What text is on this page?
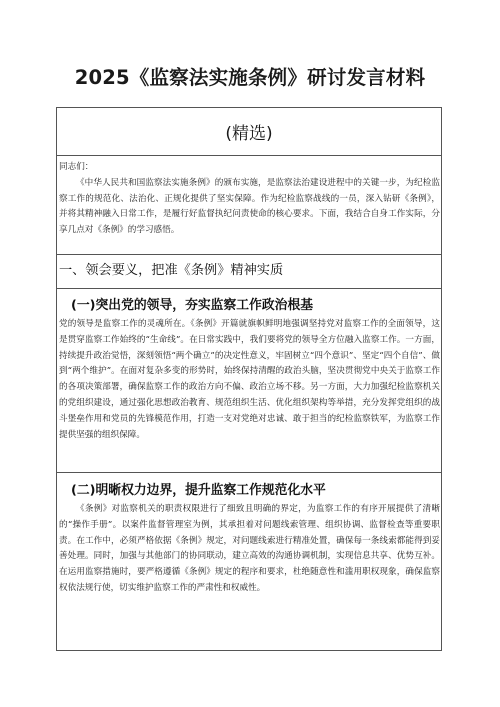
2025《监察法实施条例》研讨发言材料
(精选)

同志们：

《中华人民共和国监察法实施条例》的颁布实施，是监察法治建设进程中的关键一步，为纪检监察工作的规范化、法治化、正规化提供了坚实保障。作为纪检监察战线的一员，深入钻研《条例》，并将其精神融入日常工作，是履行好监督执纪问责使命的核心要求。下面，我结合自身工作实际，分享几点对《条例》的学习感悟。

一、领会要义，把准《条例》精神实质
(一)突出党的领导，夯实监察工作政治根基

党的领导是监察工作的灵魂所在。《条例》开篇就旗帜鲜明地强调坚持党对监察工作的全面领导，这是贯穿监察工作始终的“生命线”。在日常实践中，我们要将党的领导全方位融入监察工作。一方面，持续提升政治觉悟，深刻领悟“两个确立”的决定性意义，牢固树立“四个意识”、坚定“四个自信”、做到“两个维护”。在面对复杂多变的形势时，始终保持清醒的政治头脑，坚决贯彻党中央关于监察工作的各项决策部署，确保监察工作的政治方向不偏、政治立场不移。另一方面，大力加强纪检监察机关的党组织建设，通过强化思想政治教育、规范组织生活、优化组织架构等举措，充分发挥党组织的战斗堡垒作用和党员的先锋模范作用，打造一支对党绝对忠诚、敢于担当的纪检监察铁军，为监察工作提供坚强的组织保障。

(二)明晰权力边界，提升监察工作规范化水平

《条例》对监察机关的职责权限进行了细致且明确的界定，为监察工作的有序开展提供了清晰的“操作手册”。以案件监督管理室为例，其承担着对问题线索管理、组织协调、监督检查等重要职责。在工作中，必须严格依据《条例》规定，对问题线索进行精准处置，确保每一条线索都能得到妥善处理。同时，加强与其他部门的协同联动，建立高效的沟通协调机制，实现信息共享、优势互补。在运用监察措施时，要严格遵循《条例》规定的程序和要求，杜绝随意性和滥用职权现象，确保监察权依法规行使，切实维护监察工作的严肃性和权威性。
